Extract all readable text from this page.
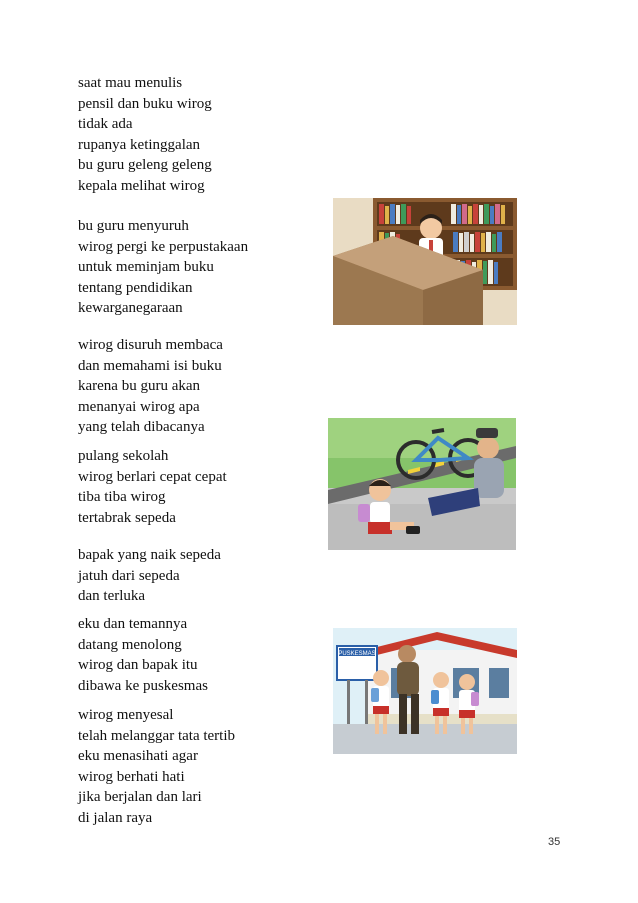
saat mau menulis
pensil dan buku wirog
tidak ada
rupanya ketinggalan
bu guru geleng geleng
kepala melihat wirog
bu guru menyuruh
wirog pergi ke perpustakaan
untuk meminjam buku
tentang pendidikan
kewarganegaraan
wirog disuruh membaca
dan memahami isi buku
karena bu guru akan
menanyai wirog apa
yang telah dibacanya
pulang sekolah
wirog berlari cepat cepat
tiba tiba wirog
tertabrak sepeda
bapak yang naik sepeda
jatuh dari sepeda
dan terluka
eku dan temannya
datang menolong
wirog dan bapak itu
dibawa ke puskesmas
wirog menyesal
telah melanggar tata tertib
eku menasihati agar
wirog berhati hati
jika berjalan dan lari
di jalan raya
PUSKESMAS
35
